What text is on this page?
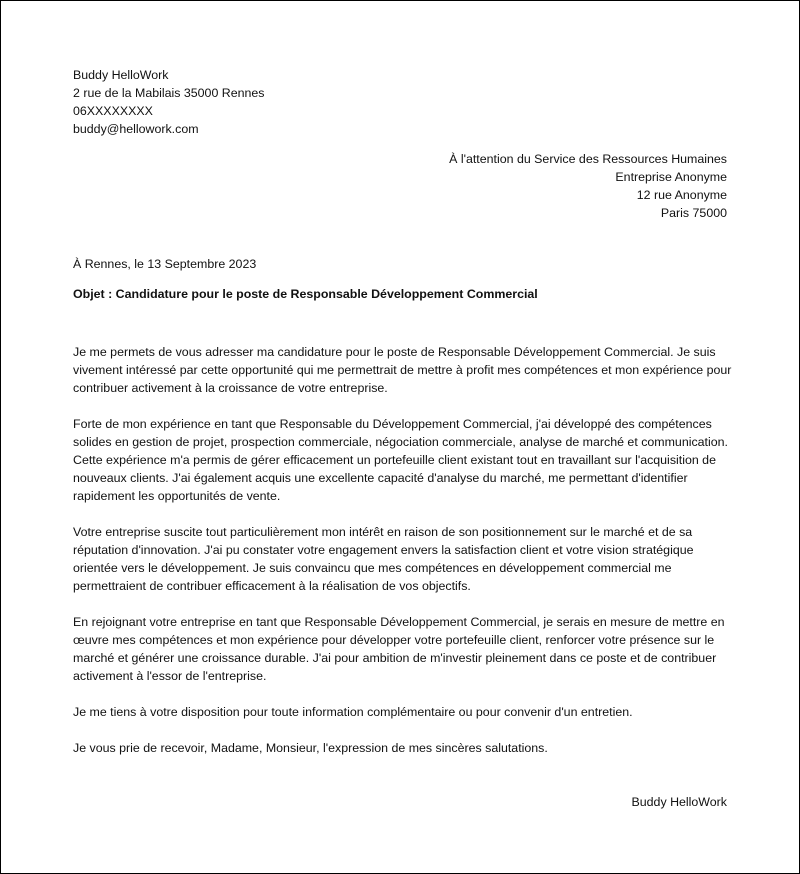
Buddy HelloWork
2 rue de la Mabilais 35000 Rennes
06XXXXXXXX
buddy@hellowork.com
À l'attention du Service des Ressources Humaines
Entreprise Anonyme
12 rue Anonyme
Paris 75000
À Rennes, le 13 Septembre 2023
Objet : Candidature pour le poste de Responsable Développement Commercial

Je me permets de vous adresser ma candidature pour le poste de Responsable Développement Commercial. Je suis vivement intéressé par cette opportunité qui me permettrait de mettre à profit mes compétences et mon expérience pour contribuer activement à la croissance de votre entreprise.

Forte de mon expérience en tant que Responsable du Développement Commercial, j'ai développé des compétences solides en gestion de projet, prospection commerciale, négociation commerciale, analyse de marché et communication. Cette expérience m'a permis de gérer efficacement un portefeuille client existant tout en travaillant sur l'acquisition de nouveaux clients. J'ai également acquis une excellente capacité d'analyse du marché, me permettant d'identifier rapidement les opportunités de vente.

Votre entreprise suscite tout particulièrement mon intérêt en raison de son positionnement sur le marché et de sa réputation d'innovation. J'ai pu constater votre engagement envers la satisfaction client et votre vision stratégique orientée vers le développement. Je suis convaincu que mes compétences en développement commercial me permettraient de contribuer efficacement à la réalisation de vos objectifs.

En rejoignant votre entreprise en tant que Responsable Développement Commercial, je serais en mesure de mettre en œuvre mes compétences et mon expérience pour développer votre portefeuille client, renforcer votre présence sur le marché et générer une croissance durable. J'ai pour ambition de m'investir pleinement dans ce poste et de contribuer activement à l'essor de l'entreprise.

Je me tiens à votre disposition pour toute information complémentaire ou pour convenir d'un entretien.

Je vous prie de recevoir, Madame, Monsieur, l'expression de mes sincères salutations.

Buddy HelloWork
